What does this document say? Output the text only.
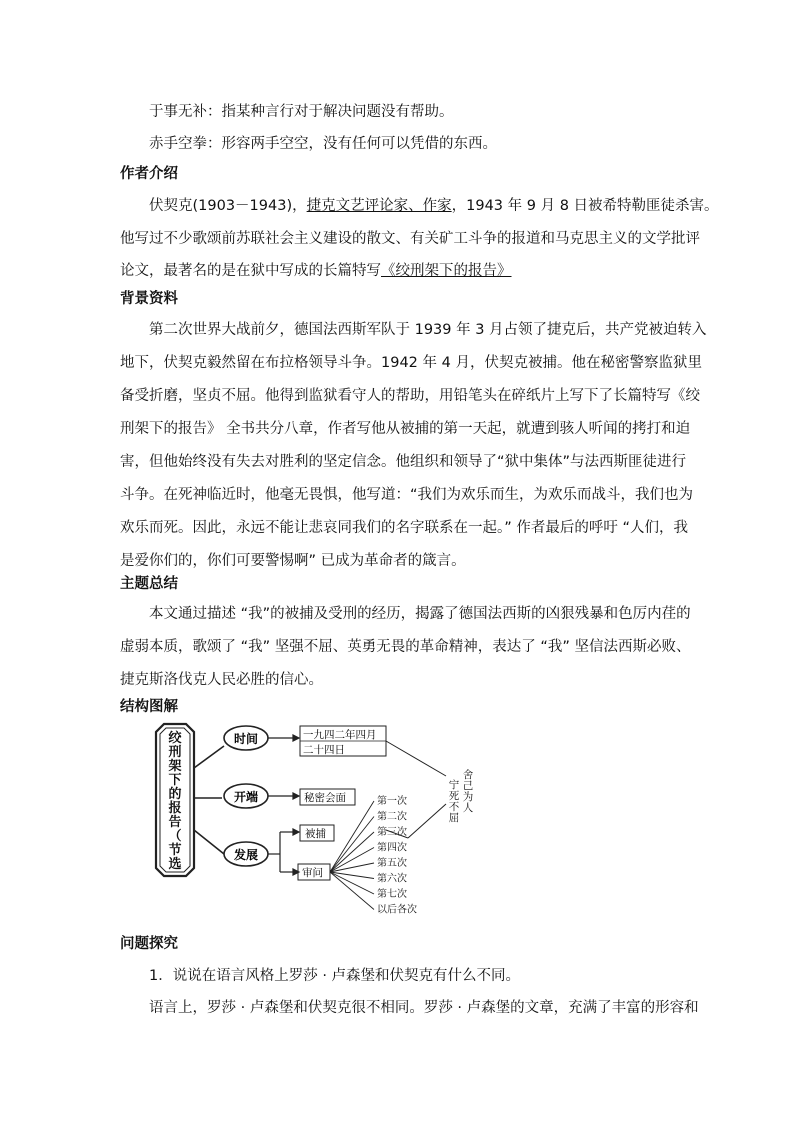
于事无补：指某种言行对于解决问题没有帮助。
赤手空拳：形容两手空空，没有任何可以凭借的东西。
作者介绍
伏契克(1903－1943)，捷克文艺评论家、作家，1943 年 9 月 8 日被希特勒匪徒杀害。
他写过不少歌颂前苏联社会主义建设的散文、有关矿工斗争的报道和马克思主义的文学批评
论文，最著名的是在狱中写成的长篇特写《绞刑架下的报告》
背景资料
第二次世界大战前夕，德国法西斯军队于 1939 年 3 月占领了捷克后，共产党被迫转入
地下，伏契克毅然留在布拉格领导斗争。1942 年 4 月，伏契克被捕。他在秘密警察监狱里
备受折磨，坚贞不屈。他得到监狱看守人的帮助，用铅笔头在碎纸片上写下了长篇特写《绞
刑架下的报告》 全书共分八章，作者写他从被捕的第一天起，就遭到骇人听闻的拷打和迫
害，但他始终没有失去对胜利的坚定信念。他组织和领导了“狱中集体”与法西斯匪徒进行
斗争。在死神临近时，他毫无畏惧，他写道：“我们为欢乐而生，为欢乐而战斗，我们也为
欢乐而死。因此，永远不能让悲哀同我们的名字联系在一起。” 作者最后的呼吁 “人们，我
是爱你们的，你们可要警惕啊” 已成为革命者的箴言。
主题总结
本文通过描述 “我”的被捕及受刑的经历，揭露了德国法西斯的凶狠残暴和色厉内荏的
虚弱本质，歌颂了 “我” 坚强不屈、英勇无畏的革命精神，表达了 “我” 坚信法西斯必败、
捷克斯洛伐克人民必胜的信心。
结构图解
绞
刑
架
下
的
报
告
（
节
选
时间
开端
发展
一九四二年四月
二十四日
秘密会面
被捕
审问
第一次
第二次
第三次
第四次
第五次
第六次
第七次
以后各次
宁
死
不
屈
舍
己
为
人
问题探究
1．说说在语言风格上罗莎 · 卢森堡和伏契克有什么不同。
语言上，罗莎 · 卢森堡和伏契克很不相同。罗莎 · 卢森堡的文章，充满了丰富的形容和
